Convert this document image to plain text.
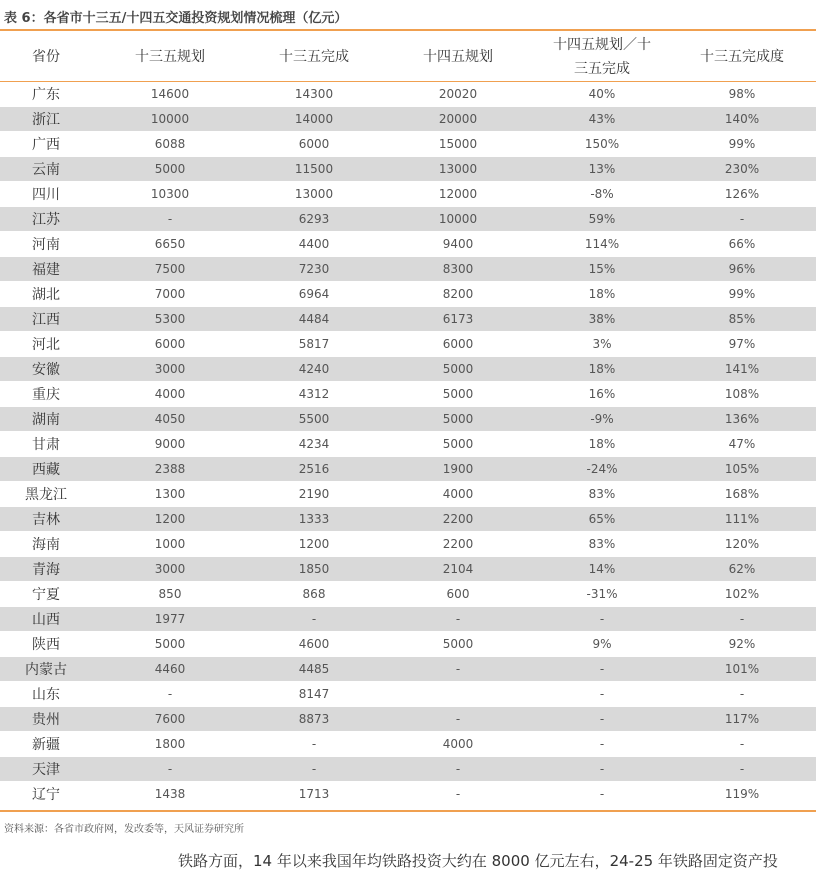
表 6：各省市十三五/十四五交通投资规划情况梳理（亿元）
省份	十三五规划	十三五完成	十四五规划	十四五规划／十三五完成	十三五完成度
广东	14600	14300	20020	40%	98%
浙江	10000	14000	20000	43%	140%
广西	6088	6000	15000	150%	99%
云南	5000	11500	13000	13%	230%
四川	10300	13000	12000	-8%	126%
江苏	-	6293	10000	59%	-
河南	6650	4400	9400	114%	66%
福建	7500	7230	8300	15%	96%
湖北	7000	6964	8200	18%	99%
江西	5300	4484	6173	38%	85%
河北	6000	5817	6000	3%	97%
安徽	3000	4240	5000	18%	141%
重庆	4000	4312	5000	16%	108%
湖南	4050	5500	5000	-9%	136%
甘肃	9000	4234	5000	18%	47%
西藏	2388	2516	1900	-24%	105%
黑龙江	1300	2190	4000	83%	168%
吉林	1200	1333	2200	65%	111%
海南	1000	1200	2200	83%	120%
青海	3000	1850	2104	14%	62%
宁夏	850	868	600	-31%	102%
山西	1977	-	-	-	-
陕西	5000	4600	5000	9%	92%
内蒙古	4460	4485	-	-	101%
山东	-	8147		-	-
贵州	7600	8873	-	-	117%
新疆	1800	-	4000	-	-
天津	-	-	-	-	-
辽宁	1438	1713	-	-	119%
资料来源：各省市政府网，发改委等，天风证券研究所
铁路方面，14 年以来我国年均铁路投资大约在 8000 亿元左右，24-25 年铁路固定资产投
